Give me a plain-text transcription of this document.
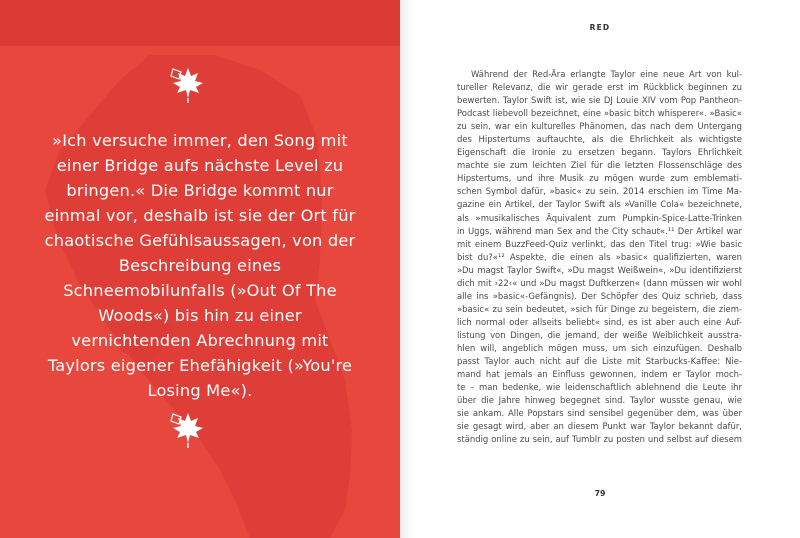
»Ich versuche immer, den Song mit einer Bridge aufs nächste Level zu bringen.« Die Bridge kommt nur einmal vor, deshalb ist sie der Ort für chaotische Gefühlsaussagen, von der Beschreibung eines Schneemobilunfalls (»Out Of The Woods«) bis hin zu einer vernichtenden Abrechnung mit Taylors eigener Ehefähigkeit (»You're Losing Me«).

RED

Während der Red-Ära erlangte Taylor eine neue Art von kul-
tureller Relevanz, die wir gerade erst im Rückblick beginnen zu
bewerten. Taylor Swift ist, wie sie DJ Louie XIV vom Pop Pantheon-
Podcast liebevoll bezeichnet, eine »basic bitch whisperer«. »Basic«
zu sein, war ein kulturelles Phänomen, das nach dem Untergang
des Hipstertums auftauchte, als die Ehrlichkeit als wichtigste
Eigenschaft die Ironie zu ersetzen begann. Taylors Ehrlichkeit
machte sie zum leichten Ziel für die letzten Flossenschläge des
Hipstertums, und ihre Musik zu mögen wurde zum emblemati-
schen Symbol dafür, »basic« zu sein. 2014 erschien im Time Ma-
gazine ein Artikel, der Taylor Swift als »Vanille Cola« bezeichnete,
als »musikalisches Äquivalent zum Pumpkin-Spice-Latte-Trinken
in Uggs, während man Sex and the City schaut«.¹¹ Der Artikel war
mit einem BuzzFeed-Quiz verlinkt, das den Titel trug: »Wie basic
bist du?«¹² Aspekte, die einen als »basic« qualifizierten, waren
»Du magst Taylor Swift«, »Du magst Weißwein«, »Du identifizierst
dich mit ›22‹« und »Du magst Duftkerzen« (dann müssen wir wohl
alle ins »basic«-Gefängnis). Der Schöpfer des Quiz schrieb, dass
»basic« zu sein bedeutet, »sich für Dinge zu begeistern, die ziem-
lich normal oder allseits beliebt« sind, es ist aber auch eine Auf-
listung von Dingen, die jemand, der weiße Weiblichkeit ausstra-
hlen will, angeblich mögen muss, um sich einzufügen. Deshalb
passt Taylor auch nicht auf die Liste mit Starbucks-Kaffee: Nie-
mand hat jemals an Einfluss gewonnen, indem er Taylor moch-
te – man bedenke, wie leidenschaftlich ablehnend die Leute ihr
über die Jahre hinweg begegnet sind. Taylor wusste genau, wie
sie ankam. Alle Popstars sind sensibel gegenüber dem, was über
sie gesagt wird, aber an diesem Punkt war Taylor bekannt dafür,
ständig online zu sein, auf Tumblr zu posten und selbst auf diesem

79
